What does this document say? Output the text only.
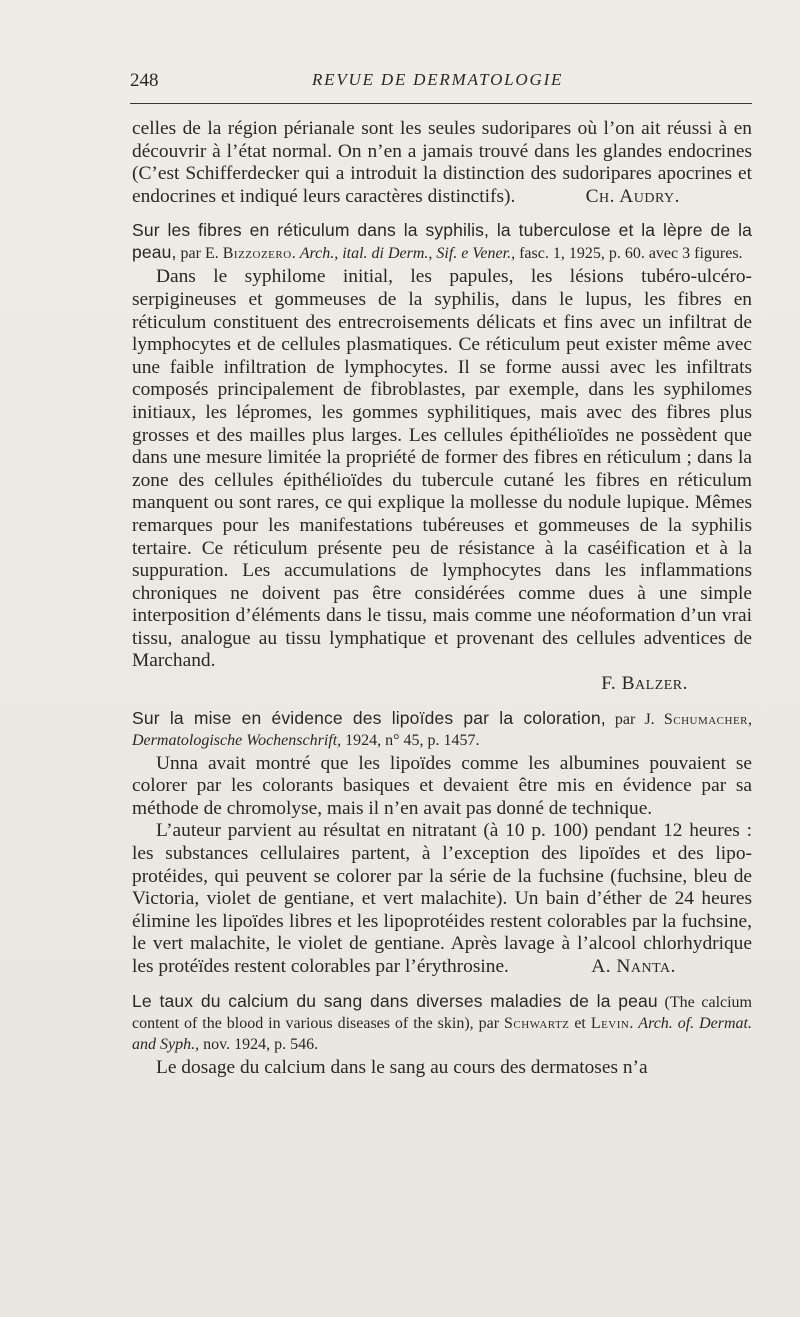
248	REVUE DE DERMATOLOGIE

celles de la région périanale sont les seules sudoripares où l’on ait réussi à en découvrir à l’état normal. On n’en a jamais trouvé dans les glandes endocrines (C’est Schifferdecker qui a introduit la distinction des sudoripares apocrines et endocrines et indiqué leurs caractères distinctifs).	Ch. Audry.

Sur les fibres en réticulum dans la syphilis, la tuberculose et la lèpre de la peau, par E. Bizzozero. Arch., ital. di Derm., Sif. e Vener., fasc. 1, 1925, p. 60. avec 3 figures.

Dans le syphilome initial, les papules, les lésions tubéro-ulcéro-serpigineuses et gommeuses de la syphilis, dans le lupus, les fibres en réticulum constituent des entrecroisements délicats et fins avec un infiltrat de lymphocytes et de cellules plasmatiques. Ce réticulum peut exister même avec une faible infiltration de lymphocytes. Il se forme aussi avec les infiltrats composés principalement de fibroblastes, par exemple, dans les syphilomes initiaux, les lépromes, les gommes syphilitiques, mais avec des fibres plus grosses et des mailles plus larges. Les cellules épithélioïdes ne possèdent que dans une mesure limitée la propriété de former des fibres en réticulum ; dans la zone des cellules épithélioïdes du tubercule cutané les fibres en réticulum manquent ou sont rares, ce qui explique la mollesse du nodule lupique. Mêmes remarques pour les manifestations tubéreuses et gommeuses de la syphilis tertaire. Ce réticulum présente peu de résistance à la caséification et à la suppuration. Les accumulations de lymphocytes dans les inflammations chroniques ne doivent pas être considérées comme dues à une simple interposition d’éléments dans le tissu, mais comme une néoformation d’un vrai tissu, analogue au tissu lymphatique et provenant des cellules adventices de Marchand.

F. Balzer.

Sur la mise en évidence des lipoïdes par la coloration, par J. Schumacher, Dermatologische Wochenschrift, 1924, n° 45, p. 1457.

Unna avait montré que les lipoïdes comme les albumines pouvaient se colorer par les colorants basiques et devaient être mis en évidence par sa méthode de chromolyse, mais il n’en avait pas donné de technique.

L’auteur parvient au résultat en nitratant (à 10 p. 100) pendant 12 heures : les substances cellulaires partent, à l’exception des lipoïdes et des lipo-protéides, qui peuvent se colorer par la série de la fuchsine (fuchsine, bleu de Victoria, violet de gentiane, et vert malachite). Un bain d’éther de 24 heures élimine les lipoïdes libres et les lipoprotéides restent colorables par la fuchsine, le vert malachite, le violet de gentiane. Après lavage à l’alcool chlorhydrique les protéïdes restent colorables par l’érythrosine.	A. Nanta.

Le taux du calcium du sang dans diverses maladies de la peau (The calcium content of the blood in various diseases of the skin), par Schwartz et Levin. Arch. of. Dermat. and Syph., nov. 1924, p. 546.

Le dosage du calcium dans le sang au cours des dermatoses n’a
